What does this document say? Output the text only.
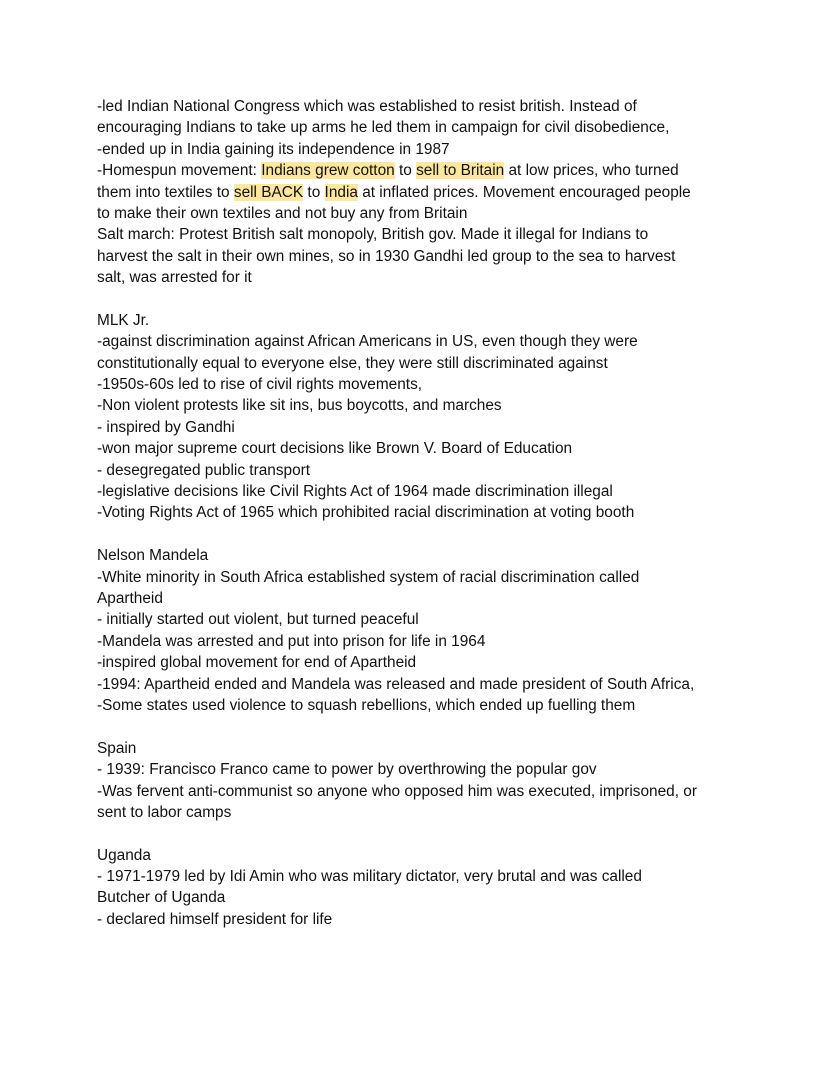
-led Indian National Congress which was established to resist british. Instead of
encouraging Indians to take up arms he led them in campaign for civil disobedience,
-ended up in India gaining its independence in 1987
-Homespun movement: Indians grew cotton to sell to Britain at low prices, who turned
them into textiles to sell BACK to India at inflated prices. Movement encouraged people
to make their own textiles and not buy any from Britain
Salt march: Protest British salt monopoly, British gov. Made it illegal for Indians to
harvest the salt in their own mines, so in 1930 Gandhi led group to the sea to harvest
salt, was arrested for it
MLK Jr.
-against discrimination against African Americans in US, even though they were
constitutionally equal to everyone else, they were still discriminated against
-1950s-60s led to rise of civil rights movements,
-Non violent protests like sit ins, bus boycotts, and marches
- inspired by Gandhi
-won major supreme court decisions like Brown V. Board of Education
- desegregated public transport
-legislative decisions like Civil Rights Act of 1964 made discrimination illegal
-Voting Rights Act of 1965 which prohibited racial discrimination at voting booth
Nelson Mandela
-White minority in South Africa established system of racial discrimination called
Apartheid
- initially started out violent, but turned peaceful
-Mandela was arrested and put into prison for life in 1964
-inspired global movement for end of Apartheid
-1994: Apartheid ended and Mandela was released and made president of South Africa,
-Some states used violence to squash rebellions, which ended up fuelling them
Spain
- 1939: Francisco Franco came to power by overthrowing the popular gov
-Was fervent anti-communist so anyone who opposed him was executed, imprisoned, or
sent to labor camps
Uganda
- 1971-1979 led by Idi Amin who was military dictator, very brutal and was called
Butcher of Uganda
- declared himself president for life
